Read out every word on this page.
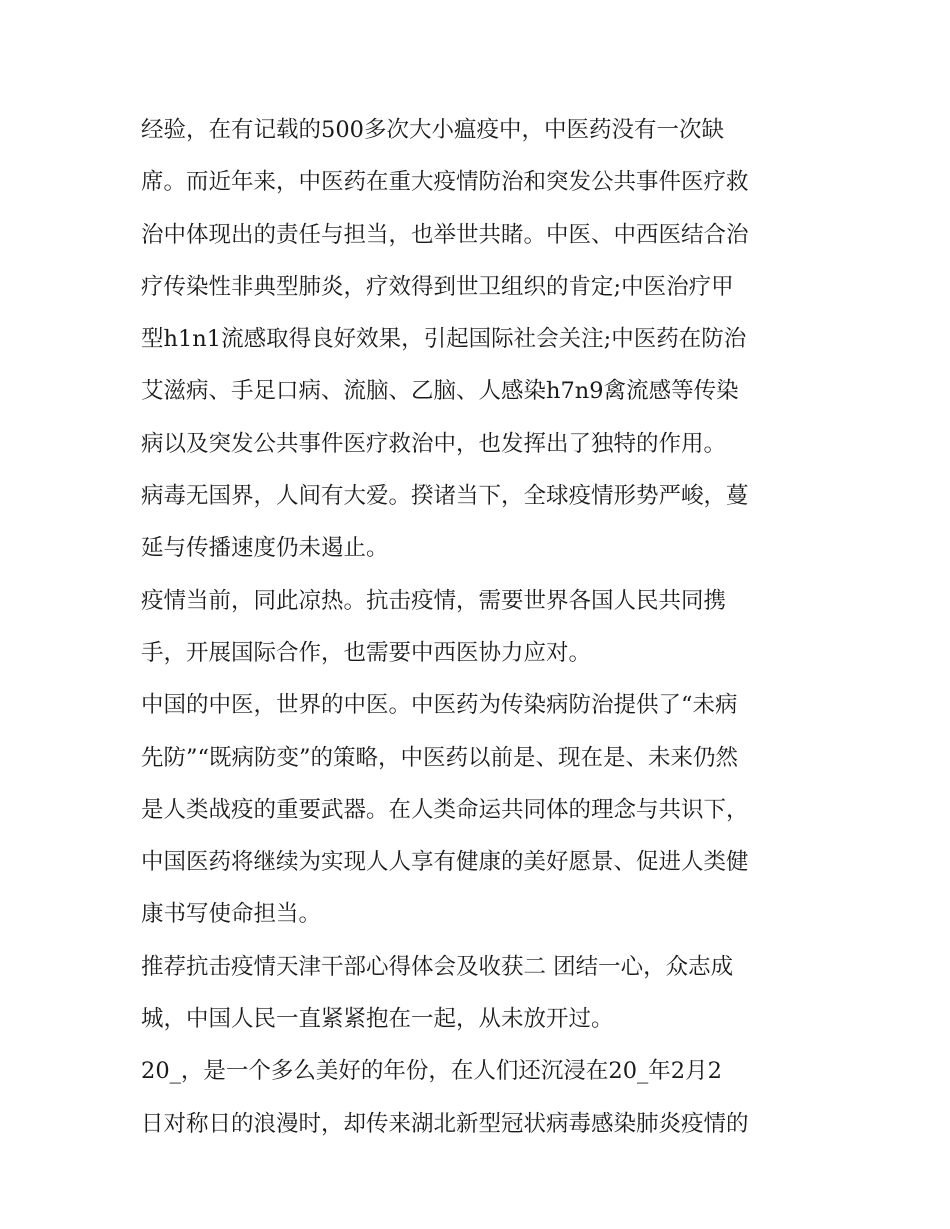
经验，在有记载的500多次大小瘟疫中，中医药没有一次缺
席。而近年来，中医药在重大疫情防治和突发公共事件医疗救
治中体现出的责任与担当，也举世共睹。中医、中西医结合治
疗传染性非典型肺炎，疗效得到世卫组织的肯定;中医治疗甲
型h1n1流感取得良好效果，引起国际社会关注;中医药在防治
艾滋病、手足口病、流脑、乙脑、人感染h7n9禽流感等传染
病以及突发公共事件医疗救治中，也发挥出了独特的作用。
病毒无国界，人间有大爱。揆诸当下，全球疫情形势严峻，蔓
延与传播速度仍未遏止。
疫情当前，同此凉热。抗击疫情，需要世界各国人民共同携
手，开展国际合作，也需要中西医协力应对。
中国的中医，世界的中医。中医药为传染病防治提供了“未病
先防”“既病防变”的策略，中医药以前是、现在是、未来仍然
是人类战疫的重要武器。在人类命运共同体的理念与共识下，
中国医药将继续为实现人人享有健康的美好愿景、促进人类健
康书写使命担当。
推荐抗击疫情天津干部心得体会及收获二 团结一心，众志成
城，中国人民一直紧紧抱在一起，从未放开过。
20_，是一个多么美好的年份，在人们还沉浸在20_年2月2
日对称日的浪漫时，却传来湖北新型冠状病毒感染肺炎疫情的
